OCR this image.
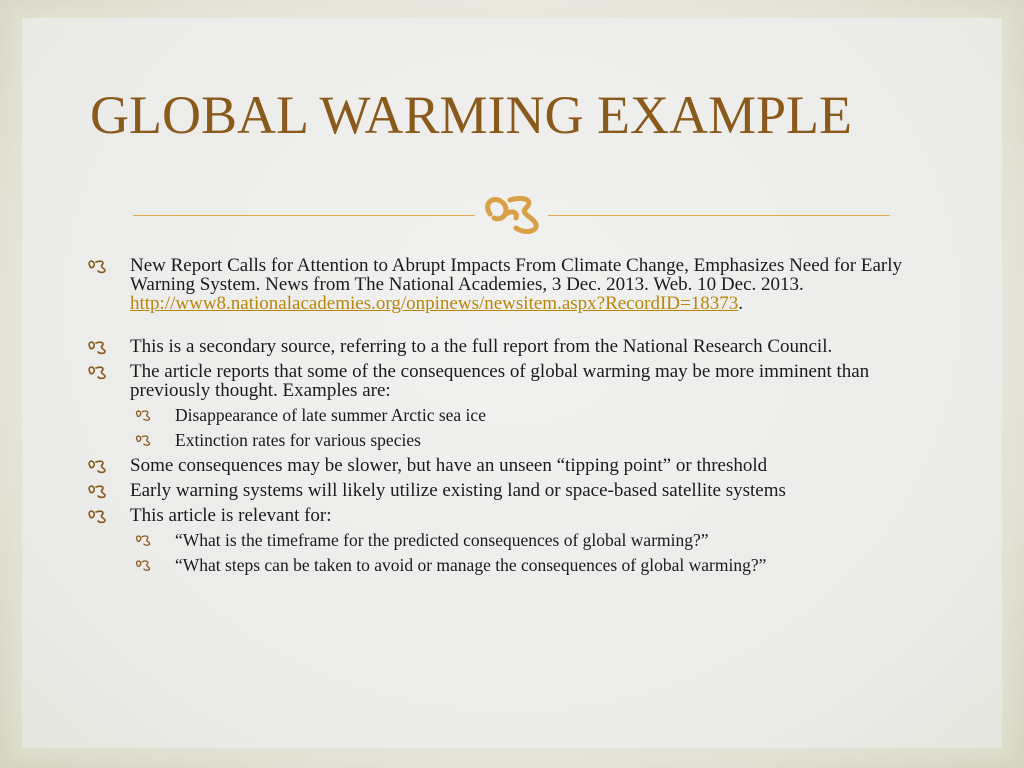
GLOBAL WARMING EXAMPLE
New Report Calls for Attention to Abrupt Impacts From Climate Change, Emphasizes Need for Early Warning System. News from The National Academies, 3 Dec. 2013. Web. 10 Dec. 2013.
http://www8.nationalacademies.org/onpinews/newsitem.aspx?RecordID=18373.
This is a secondary source, referring to a the full report from the National Research Council.
The article reports that some of the consequences of global warming may be more imminent than previously thought. Examples are:
Disappearance of late summer Arctic sea ice
Extinction rates for various species
Some consequences may be slower, but have an unseen “tipping point” or threshold
Early warning systems will likely utilize existing land or space-based satellite systems
This article is relevant for:
“What is the timeframe for the predicted consequences of global warming?”
“What steps can be taken to avoid or manage the consequences of global warming?”
